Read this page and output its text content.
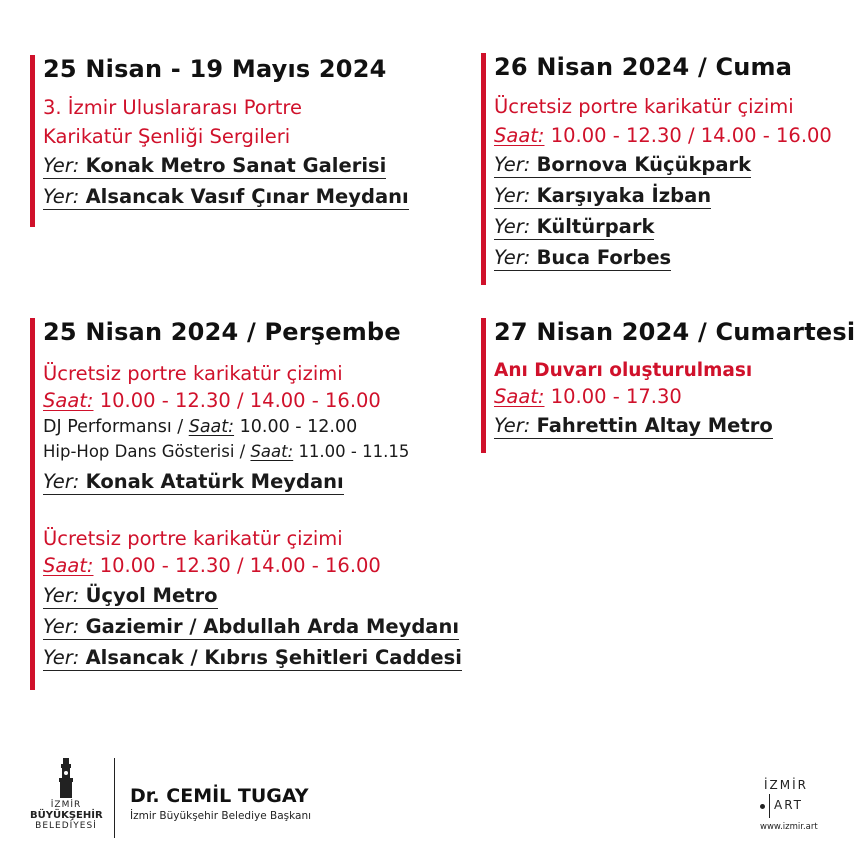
25 Nisan - 19 Mayıs 2024
3. İzmir Uluslararası Portre
Karikatür Şenliği Sergileri
Yer: Konak Metro Sanat Galerisi
Yer: Alsancak Vasıf Çınar Meydanı
26 Nisan 2024 / Cuma
Ücretsiz portre karikatür çizimi
Saat: 10.00 - 12.30 / 14.00 - 16.00
Yer: Bornova Küçükpark
Yer: Karşıyaka İzban
Yer: Kültürpark
Yer: Buca Forbes
25 Nisan 2024 / Perşembe
Ücretsiz portre karikatür çizimi
Saat: 10.00 - 12.30 / 14.00 - 16.00
DJ Performansı / Saat: 10.00 - 12.00
Hip-Hop Dans Gösterisi / Saat: 11.00 - 11.15
Yer: Konak Atatürk Meydanı
Ücretsiz portre karikatür çizimi
Saat: 10.00 - 12.30 / 14.00 - 16.00
Yer: Üçyol Metro
Yer: Gaziemir / Abdullah Arda Meydanı
Yer: Alsancak / Kıbrıs Şehitleri Caddesi
27 Nisan 2024 / Cumartesi
Anı Duvarı oluşturulması
Saat: 10.00 - 17.30
Yer: Fahrettin Altay Metro
İZMİR
BÜYÜKŞEHİR
BELEDİYESİ
Dr. CEMİL TUGAY
İzmir Büyükşehir Belediye Başkanı
İZMİR
ART
www.izmir.art
